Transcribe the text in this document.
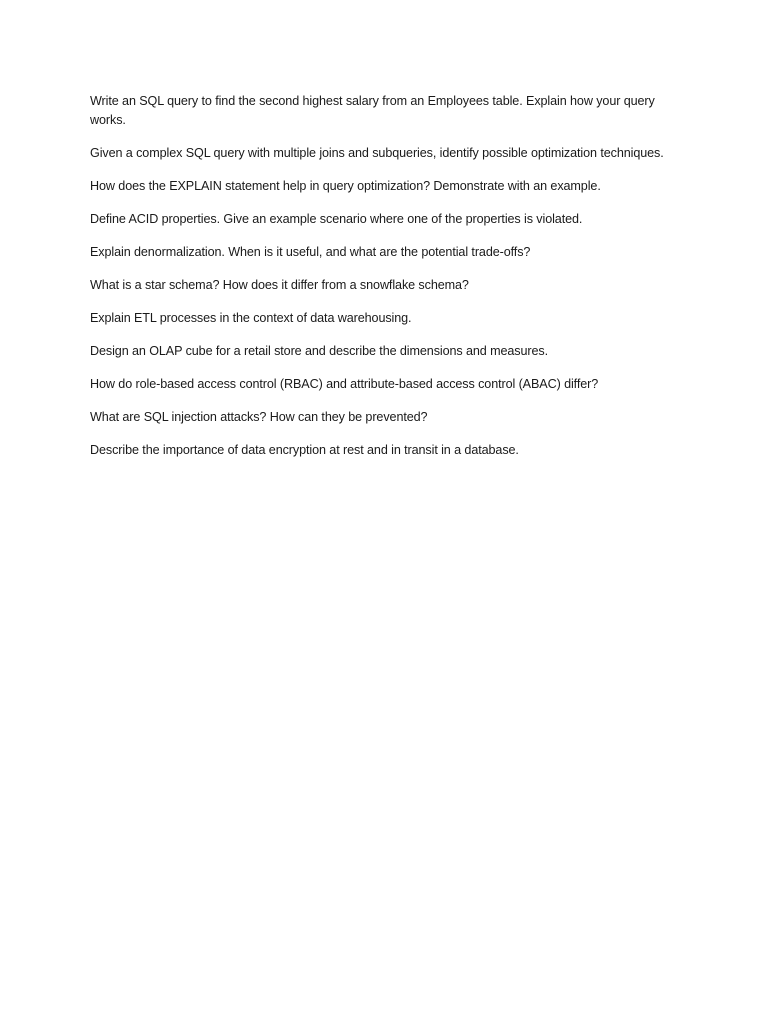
Write an SQL query to find the second highest salary from an Employees table. Explain how your query works.

Given a complex SQL query with multiple joins and subqueries, identify possible optimization techniques.

How does the EXPLAIN statement help in query optimization? Demonstrate with an example.

Define ACID properties. Give an example scenario where one of the properties is violated.

Explain denormalization. When is it useful, and what are the potential trade-offs?

What is a star schema? How does it differ from a snowflake schema?

Explain ETL processes in the context of data warehousing.

Design an OLAP cube for a retail store and describe the dimensions and measures.

How do role-based access control (RBAC) and attribute-based access control (ABAC) differ?

What are SQL injection attacks? How can they be prevented?

Describe the importance of data encryption at rest and in transit in a database.
